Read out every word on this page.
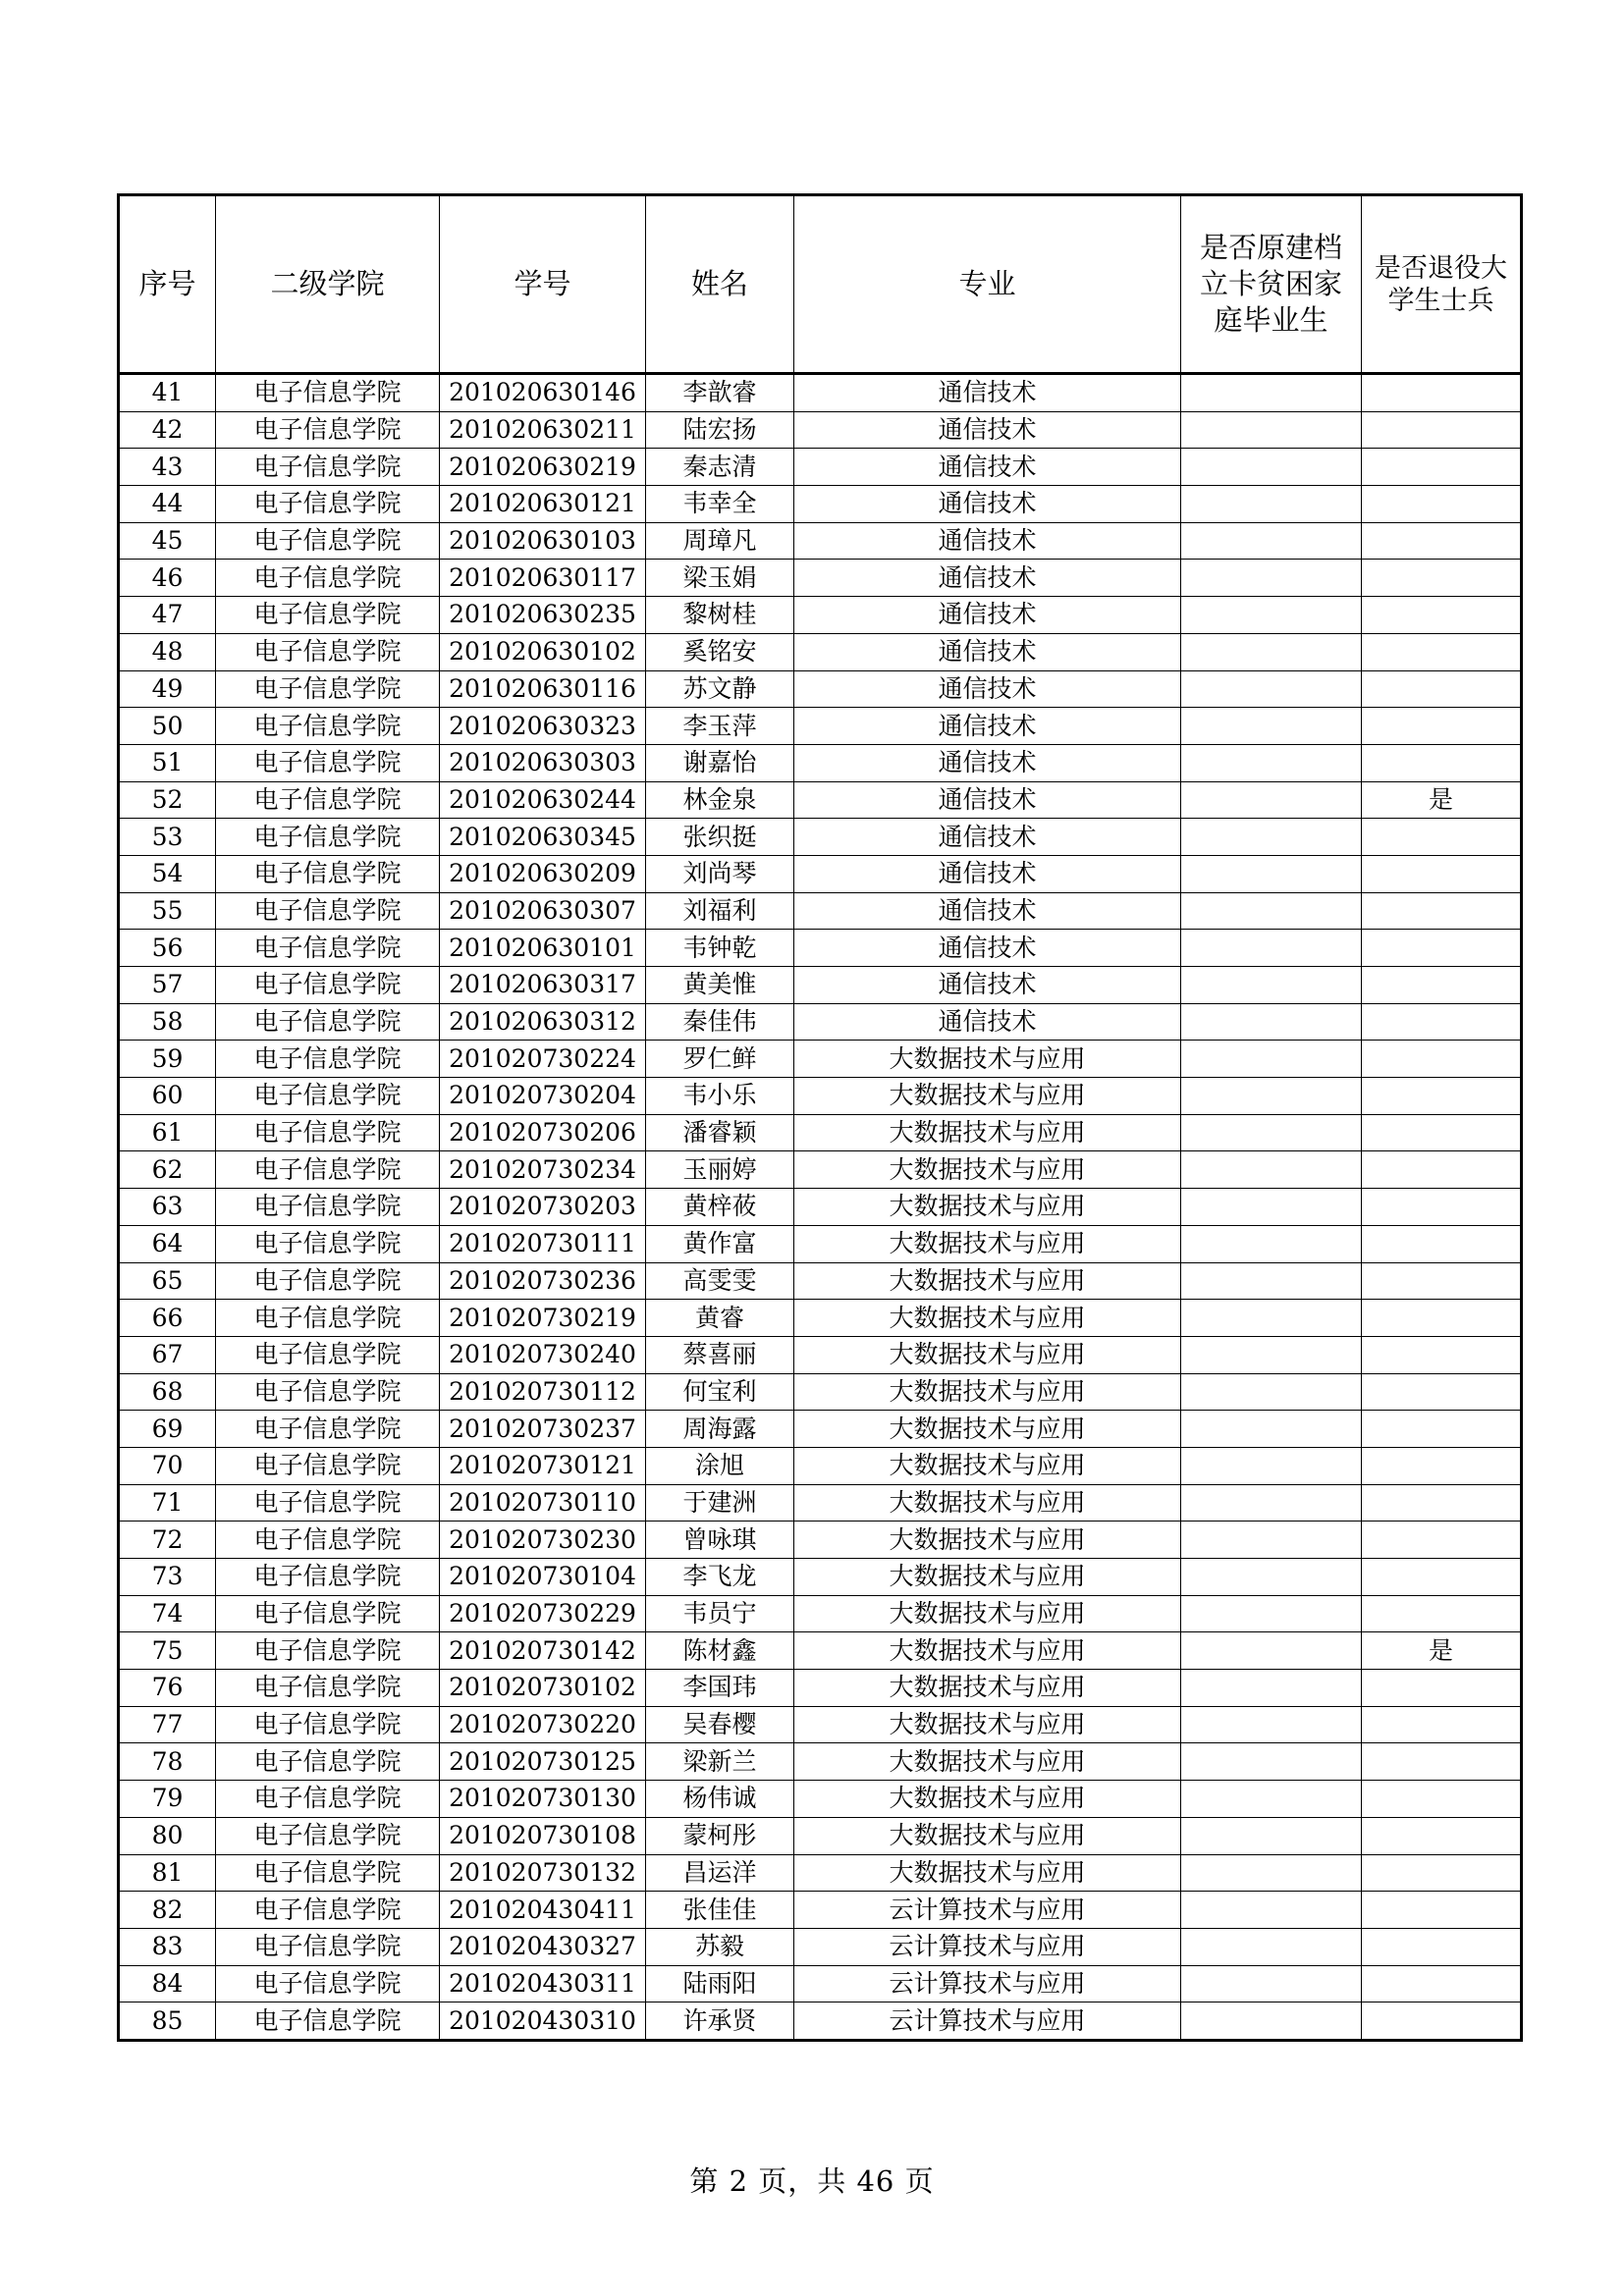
序号	二级学院	学号	姓名	专业	是否原建档立卡贫困家庭毕业生	是否退役大学生士兵
41	电子信息学院	201020630146	李歆睿	通信技术		
42	电子信息学院	201020630211	陆宏扬	通信技术		
43	电子信息学院	201020630219	秦志清	通信技术		
44	电子信息学院	201020630121	韦幸全	通信技术		
45	电子信息学院	201020630103	周璋凡	通信技术		
46	电子信息学院	201020630117	梁玉娟	通信技术		
47	电子信息学院	201020630235	黎树桂	通信技术		
48	电子信息学院	201020630102	奚铭安	通信技术		
49	电子信息学院	201020630116	苏文静	通信技术		
50	电子信息学院	201020630323	李玉萍	通信技术		
51	电子信息学院	201020630303	谢嘉怡	通信技术		
52	电子信息学院	201020630244	林金泉	通信技术		是
53	电子信息学院	201020630345	张织挺	通信技术		
54	电子信息学院	201020630209	刘尚琴	通信技术		
55	电子信息学院	201020630307	刘福利	通信技术		
56	电子信息学院	201020630101	韦钟乾	通信技术		
57	电子信息学院	201020630317	黄美惟	通信技术		
58	电子信息学院	201020630312	秦佳伟	通信技术		
59	电子信息学院	201020730224	罗仁鲜	大数据技术与应用		
60	电子信息学院	201020730204	韦小乐	大数据技术与应用		
61	电子信息学院	201020730206	潘睿颖	大数据技术与应用		
62	电子信息学院	201020730234	玉丽婷	大数据技术与应用		
63	电子信息学院	201020730203	黄梓莜	大数据技术与应用		
64	电子信息学院	201020730111	黄作富	大数据技术与应用		
65	电子信息学院	201020730236	高雯雯	大数据技术与应用		
66	电子信息学院	201020730219	黄睿	大数据技术与应用		
67	电子信息学院	201020730240	蔡喜丽	大数据技术与应用		
68	电子信息学院	201020730112	何宝利	大数据技术与应用		
69	电子信息学院	201020730237	周海露	大数据技术与应用		
70	电子信息学院	201020730121	涂旭	大数据技术与应用		
71	电子信息学院	201020730110	于建洲	大数据技术与应用		
72	电子信息学院	201020730230	曾咏琪	大数据技术与应用		
73	电子信息学院	201020730104	李飞龙	大数据技术与应用		
74	电子信息学院	201020730229	韦员宁	大数据技术与应用		
75	电子信息学院	201020730142	陈材鑫	大数据技术与应用		是
76	电子信息学院	201020730102	李国玮	大数据技术与应用		
77	电子信息学院	201020730220	吴春樱	大数据技术与应用		
78	电子信息学院	201020730125	梁新兰	大数据技术与应用		
79	电子信息学院	201020730130	杨伟诚	大数据技术与应用		
80	电子信息学院	201020730108	蒙柯彤	大数据技术与应用		
81	电子信息学院	201020730132	昌运洋	大数据技术与应用		
82	电子信息学院	201020430411	张佳佳	云计算技术与应用		
83	电子信息学院	201020430327	苏毅	云计算技术与应用		
84	电子信息学院	201020430311	陆雨阳	云计算技术与应用		
85	电子信息学院	201020430310	许承贤	云计算技术与应用		
第 2 页，共 46 页
